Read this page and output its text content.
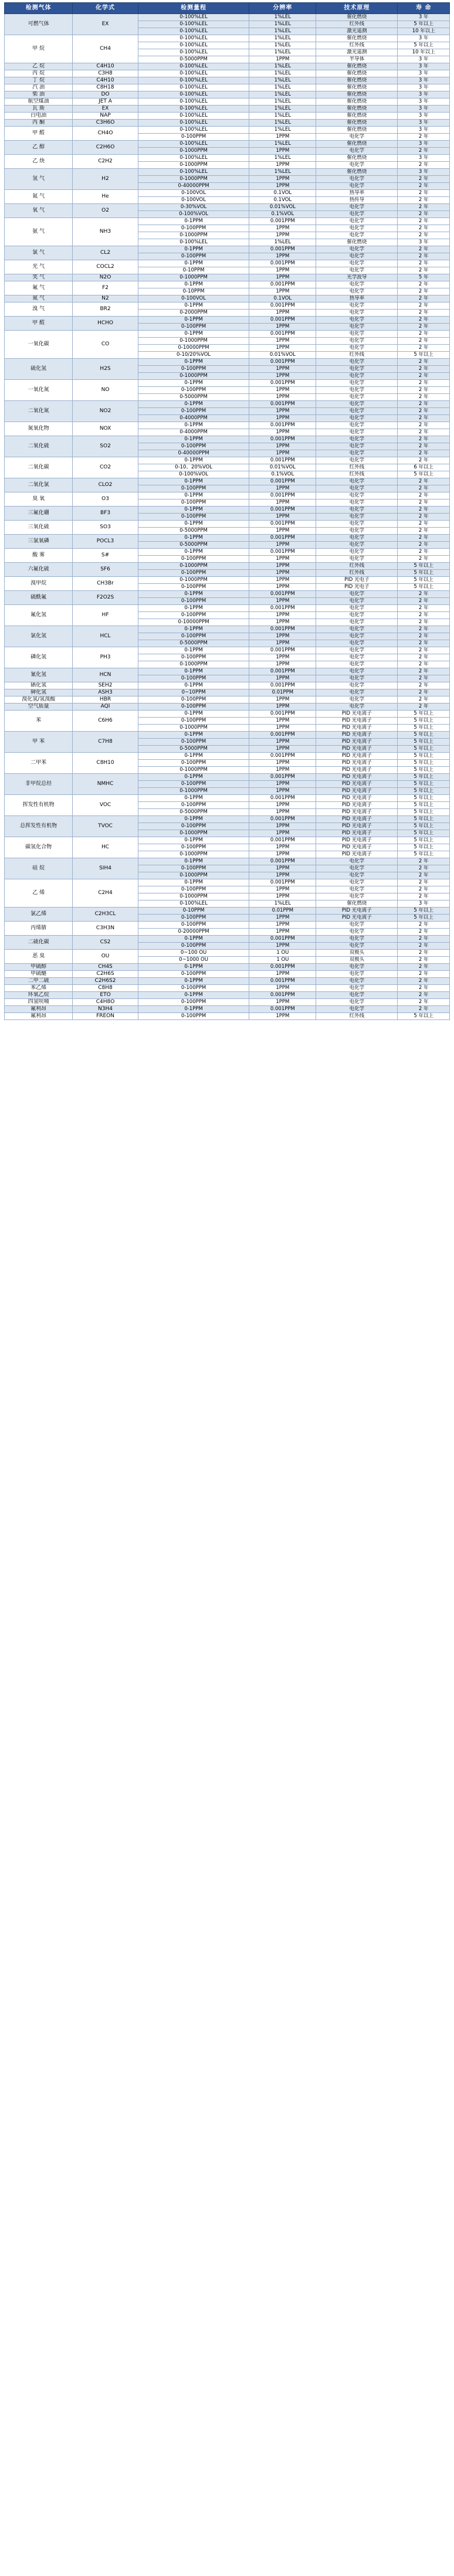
检测气体	化学式	检测量程	分辨率	技术原理	寿 命
可燃气体	EX	0-100%LEL	1%LEL	催化燃烧	3 年
		0-100%LEL	1%LEL	红外线	5 年以上
		0-100%LEL	1%LEL	激光遥测	10 年以上
甲 烷	CH4	0-100%LEL	1%LEL	催化燃烧	3 年
		0-100%LEL	1%LEL	红外线	5 年以上
		0-100%LEL	1%LEL	激光遥测	10 年以上
		0-5000PPM	1PPM	半导体	3 年
乙 烷	C4H10	0-100%LEL	1%LEL	催化燃烧	3 年
丙 烷	C3H8	0-100%LEL	1%LEL	催化燃烧	3 年
丁 烷	C4H10	0-100%LEL	1%LEL	催化燃烧	3 年
汽 油	C8H18	0-100%LEL	1%LEL	催化燃烧	3 年
柴 油	DO	0-100%LEL	1%LEL	催化燃烧	3 年
航空煤油	JET A	0-100%LEL	1%LEL	催化燃烧	3 年
瓦 斯	EX	0-100%LEL	1%LEL	催化燃烧	3 年
白电油	NAP	0-100%LEL	1%LEL	催化燃烧	3 年
丙 酮	C3H6O	0-100%LEL	1%LEL	催化燃烧	3 年
甲 醛	CH4O	0-100%LEL	1%LEL	催化燃烧	3 年
		0-100PPM	1PPM	电化学	2 年
乙 醇	C2H6O	0-100%LEL	1%LEL	催化燃烧	3 年
		0-1000PPM	1PPM	电化学	2 年
乙 炔	C2H2	0-100%LEL	1%LEL	催化燃烧	3 年
		0-1000PPM	1PPM	电化学	2 年
氢 气	H2	0-100%LEL	1%LEL	催化燃烧	3 年
		0-1000PPM	1PPM	电化学	2 年
		0-40000PPM	1PPM	电化学	2 年
氦 气	He	0-100VOL	0.1VOL	热导率	2 年
		0-100VOL	0.1VOL	热传导	2 年
氧 气	O2	0-30%VOL	0.01%VOL	电化学	2 年
		0-100%VOL	0.1%VOL	电化学	2 年
氨 气	NH3	0-1PPM	0.001PPM	电化学	2 年
		0-100PPM	1PPM	电化学	2 年
		0-1000PPM	1PPM	电化学	2 年
		0-100%LEL	1%LEL	催化燃烧	3 年
氯 气	CL2	0-1PPM	0.001PPM	电化学	2 年
		0-100PPM	1PPM	电化学	2 年
光 气	COCL2	0-1PPM	0.001PPM	电化学	2 年
		0-10PPM	1PPM	电化学	2 年
笑 气	N2O	0-1000PPM	1PPM	光学波导	5 年
氟 气	F2	0-1PPM	0.001PPM	电化学	2 年
		0-10PPM	1PPM	电化学	2 年
氮 气	N2	0-100VOL	0.1VOL	热导率	2 年
溴 气	BR2	0-1PPM	0.001PPM	电化学	2 年
		0-2000PPM	1PPM	电化学	2 年
甲 醛	HCHO	0-1PPM	0.001PPM	电化学	2 年
		0-100PPM	1PPM	电化学	2 年
一氧化碳	CO	0-1PPM	0.001PPM	电化学	2 年
		0-1000PPM	1PPM	电化学	2 年
		0-10000PPM	1PPM	电化学	2 年
		0-10/20%VOL	0.01%VOL	红外线	5 年以上
硫化氢	H2S	0-1PPM	0.001PPM	电化学	2 年
		0-100PPM	1PPM	电化学	2 年
		0-1000PPM	1PPM	电化学	2 年
一氧化氮	NO	0-1PPM	0.001PPM	电化学	2 年
		0-100PPM	1PPM	电化学	2 年
		0-5000PPM	1PPM	电化学	2 年
二氧化氮	NO2	0-1PPM	0.001PPM	电化学	2 年
		0-100PPM	1PPM	电化学	2 年
		0-4000PPM	1PPM	电化学	2 年
氮氧化物	NOX	0-1PPM	0.001PPM	电化学	2 年
		0-4000PPM	1PPM	电化学	2 年
二氧化硫	SO2	0-1PPM	0.001PPM	电化学	2 年
		0-100PPM	1PPM	电化学	2 年
		0-40000PPM	1PPM	电化学	2 年
二氧化碳	CO2	0-1PPM	0.001PPM	电化学	2 年
		0-10、20%VOL	0.01%VOL	红外线	6 年以上
		0-100%VOL	0.1%VOL	红外线	5 年以上
二氧化氯	CLO2	0-1PPM	0.001PPM	电化学	2 年
		0-100PPM	1PPM	电化学	2 年
臭 氧	O3	0-1PPM	0.001PPM	电化学	2 年
		0-100PPM	1PPM	电化学	2 年
三氟化硼	BF3	0-1PPM	0.001PPM	电化学	2 年
		0-100PPM	1PPM	电化学	2 年
三氧化硫	SO3	0-1PPM	0.001PPM	电化学	2 年
		0-5000PPM	1PPM	电化学	2 年
三氯氧磷	POCL3	0-1PPM	0.001PPM	电化学	2 年
		0-5000PPM	1PPM	电化学	2 年
酸 雾	S#	0-1PPM	0.001PPM	电化学	2 年
		0-100PPM	1PPM	电化学	2 年
六氟化硫	SF6	0-1000PPM	1PPM	红外线	5 年以上
		0-100PPM	1PPM	红外线	5 年以上
溴甲烷	CH3Br	0-1000PPM	1PPM	PID 光电子	5 年以上
		0-100PPM	1PPM	PID 光电子	5 年以上
硫酰氟	F2O2S	0-1PPM	0.001PPM	电化学	2 年
		0-100PPM	1PPM	电化学	2 年
氟化氢	HF	0-1PPM	0.001PPM	电化学	2 年
		0-100PPM	1PPM	电化学	2 年
		0-10000PPM	1PPM	电化学	2 年
氯化氢	HCL	0-1PPM	0.001PPM	电化学	2 年
		0-100PPM	1PPM	电化学	2 年
		0-5000PPM	1PPM	电化学	2 年
磷化氢	PH3	0-1PPM	0.001PPM	电化学	2 年
		0-100PPM	1PPM	电化学	2 年
		0-1000PPM	1PPM	电化学	2 年
氰化氢	HCN	0-1PPM	0.001PPM	电化学	2 年
		0-100PPM	1PPM	电化学	2 年
硒化氢	SEH2	0-1PPM	0.001PPM	电化学	2 年
砷化氢	ASH3	0~10PPM	0.01PPM	电化学	2 年
溴化氢/氢溴酸	HBR	0-100PPM	1PPM	电化学	2 年
空气质量	AQI	0-100PPM	1PPM	电化学	2 年
苯	C6H6	0-1PPM	0.001PPM	PID 光电离子	5 年以上
		0-100PPM	1PPM	PID 光电离子	5 年以上
		0-1000PPM	1PPM	PID 光电离子	5 年以上
甲 苯	C7H8	0-1PPM	0.001PPM	PID 光电离子	5 年以上
		0-100PPM	1PPM	PID 光电离子	5 年以上
		0-5000PPM	1PPM	PID 光电离子	5 年以上
二甲苯	C8H10	0-1PPM	0.001PPM	PID 光电离子	5 年以上
		0-100PPM	1PPM	PID 光电离子	5 年以上
		0-1000PPM	1PPM	PID 光电离子	5 年以上
非甲烷总烃	NMHC	0-1PPM	0.001PPM	PID 光电离子	5 年以上
		0-100PPM	1PPM	PID 光电离子	5 年以上
		0-1000PPM	1PPM	PID 光电离子	5 年以上
挥发性有机物	VOC	0-1PPM	0.001PPM	PID 光电离子	5 年以上
		0-100PPM	1PPM	PID 光电离子	5 年以上
		0-5000PPM	1PPM	PID 光电离子	5 年以上
总挥发性有机物	TVOC	0-1PPM	0.001PPM	PID 光电离子	5 年以上
		0-100PPM	1PPM	PID 光电离子	5 年以上
		0-1000PPM	1PPM	PID 光电离子	5 年以上
碳氢化合物	HC	0-1PPM	0.001PPM	PID 光电离子	5 年以上
		0-100PPM	1PPM	PID 光电离子	5 年以上
		0-1000PPM	1PPM	PID 光电离子	5 年以上
硅 烷	SIH4	0-1PPM	0.001PPM	电化学	2 年
		0-100PPM	1PPM	电化学	2 年
		0-1000PPM	1PPM	电化学	2 年
乙 烯	C2H4	0-1PPM	0.001PPM	电化学	2 年
		0-100PPM	1PPM	电化学	2 年
		0-1000PPM	1PPM	电化学	2 年
		0-100%LEL	1%LEL	催化燃烧	3 年
氯乙烯	C2H3CL	0-10PPM	0.01PPM	PID 光电离子	5 年以上
		0-100PPM	1PPM	PID 光电离子	5 年以上
丙烯腈	C3H3N	0-100PPM	1PPM	电化学	2 年
		0-20000PPM	1PPM	电化学	2 年
二硫化碳	CS2	0-1PPM	0.001PPM	电化学	2 年
		0-100PPM	1PPM	电化学	2 年
恶 臭	OU	0~100 OU	1 OU	双极头	2 年
		0~1000 OU	1 OU	双极头	2 年
甲硫醇	CH4S	0-1PPM	0.001PPM	电化学	2 年
甲硫醚	C2H6S	0-100PPM	1PPM	电化学	2 年
二甲二硫	C2H6S2	0-1PPM	0.001PPM	电化学	2 年
苯乙烯	C8H8	0-100PPM	1PPM	电化学	2 年
环氧乙烷	ETO	0-1PPM	0.001PPM	电化学	2 年
四氢呋喃	C4H8O	0-100PPM	1PPM	电化学	2 年
氟利昂	N3H4	0-1PPM	0.001PPM	电化学	2 年
氟利昂	FREON	0-100PPM	1PPM	红外线	5 年以上
